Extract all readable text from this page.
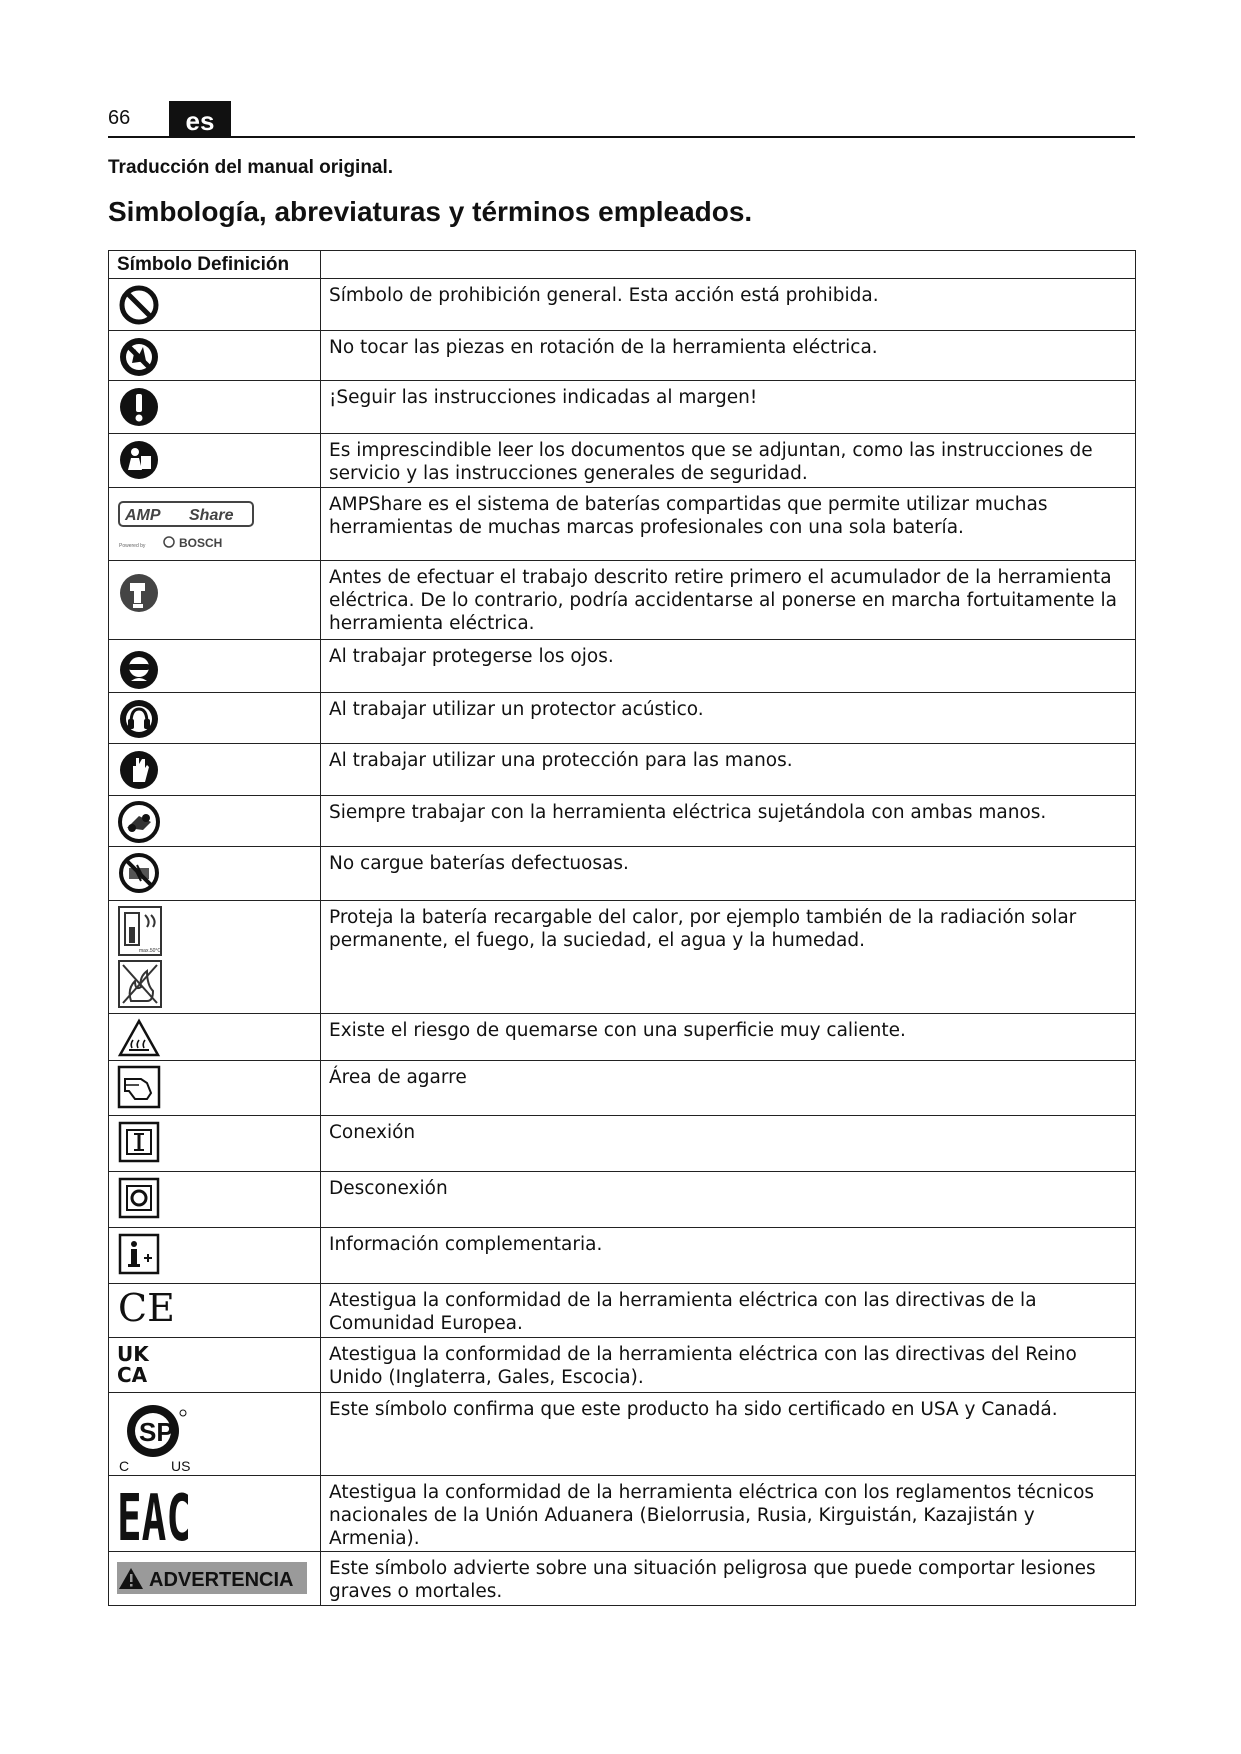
66	es
Traducción del manual original.
Simbología, abreviaturas y términos empleados.
Símbolo Definición	

	Símbolo de prohibición general. Esta acción está prohibida.

	No tocar las piezas en rotación de la herramienta eléctrica.

	¡Seguir las instrucciones indicadas al margen!

	Es imprescindible leer los documentos que se adjuntan, como las instrucciones de servicio y las instrucciones generales de seguridad.

AMP Share
Powered by BOSCH	AMPShare es el sistema de baterías compartidas que permite utilizar muchas herramientas de muchas marcas profesionales con una sola batería.

	Antes de efectuar el trabajo descrito retire primero el acumulador de la herramienta eléctrica. De lo contrario, podría accidentarse al ponerse en marcha fortuitamente la herramienta eléctrica.

	Al trabajar protegerse los ojos.

	Al trabajar utilizar un protector acústico.

	Al trabajar utilizar una protección para las manos.

	Siempre trabajar con la herramienta eléctrica sujetándola con ambas manos.

	No cargue baterías defectuosas.

max.50°C	Proteja la batería recargable del calor, por ejemplo también de la radiación solar permanente, el fuego, la suciedad, el agua y la humedad.

	Existe el riesgo de quemarse con una superficie muy caliente.

	Área de agarre

	Conexión

	Desconexión

	Información complementaria.

CE	Atestigua la conformidad de la herramienta eléctrica con las directivas de la Comunidad Europea.

UK
CA	Atestigua la conformidad de la herramienta eléctrica con las directivas del Reino Unido (Inglaterra, Gales, Escocia).

SP
C US	Este símbolo confirma que este producto ha sido certificado en USA y Canadá.

EAC	Atestigua la conformidad de la herramienta eléctrica con los reglamentos técnicos nacionales de la Unión Aduanera (Bielorrusia, Rusia, Kirguistán, Kazajistán y Armenia).

ADVERTENCIA	Este símbolo advierte sobre una situación peligrosa que puede comportar lesiones graves o mortales.
